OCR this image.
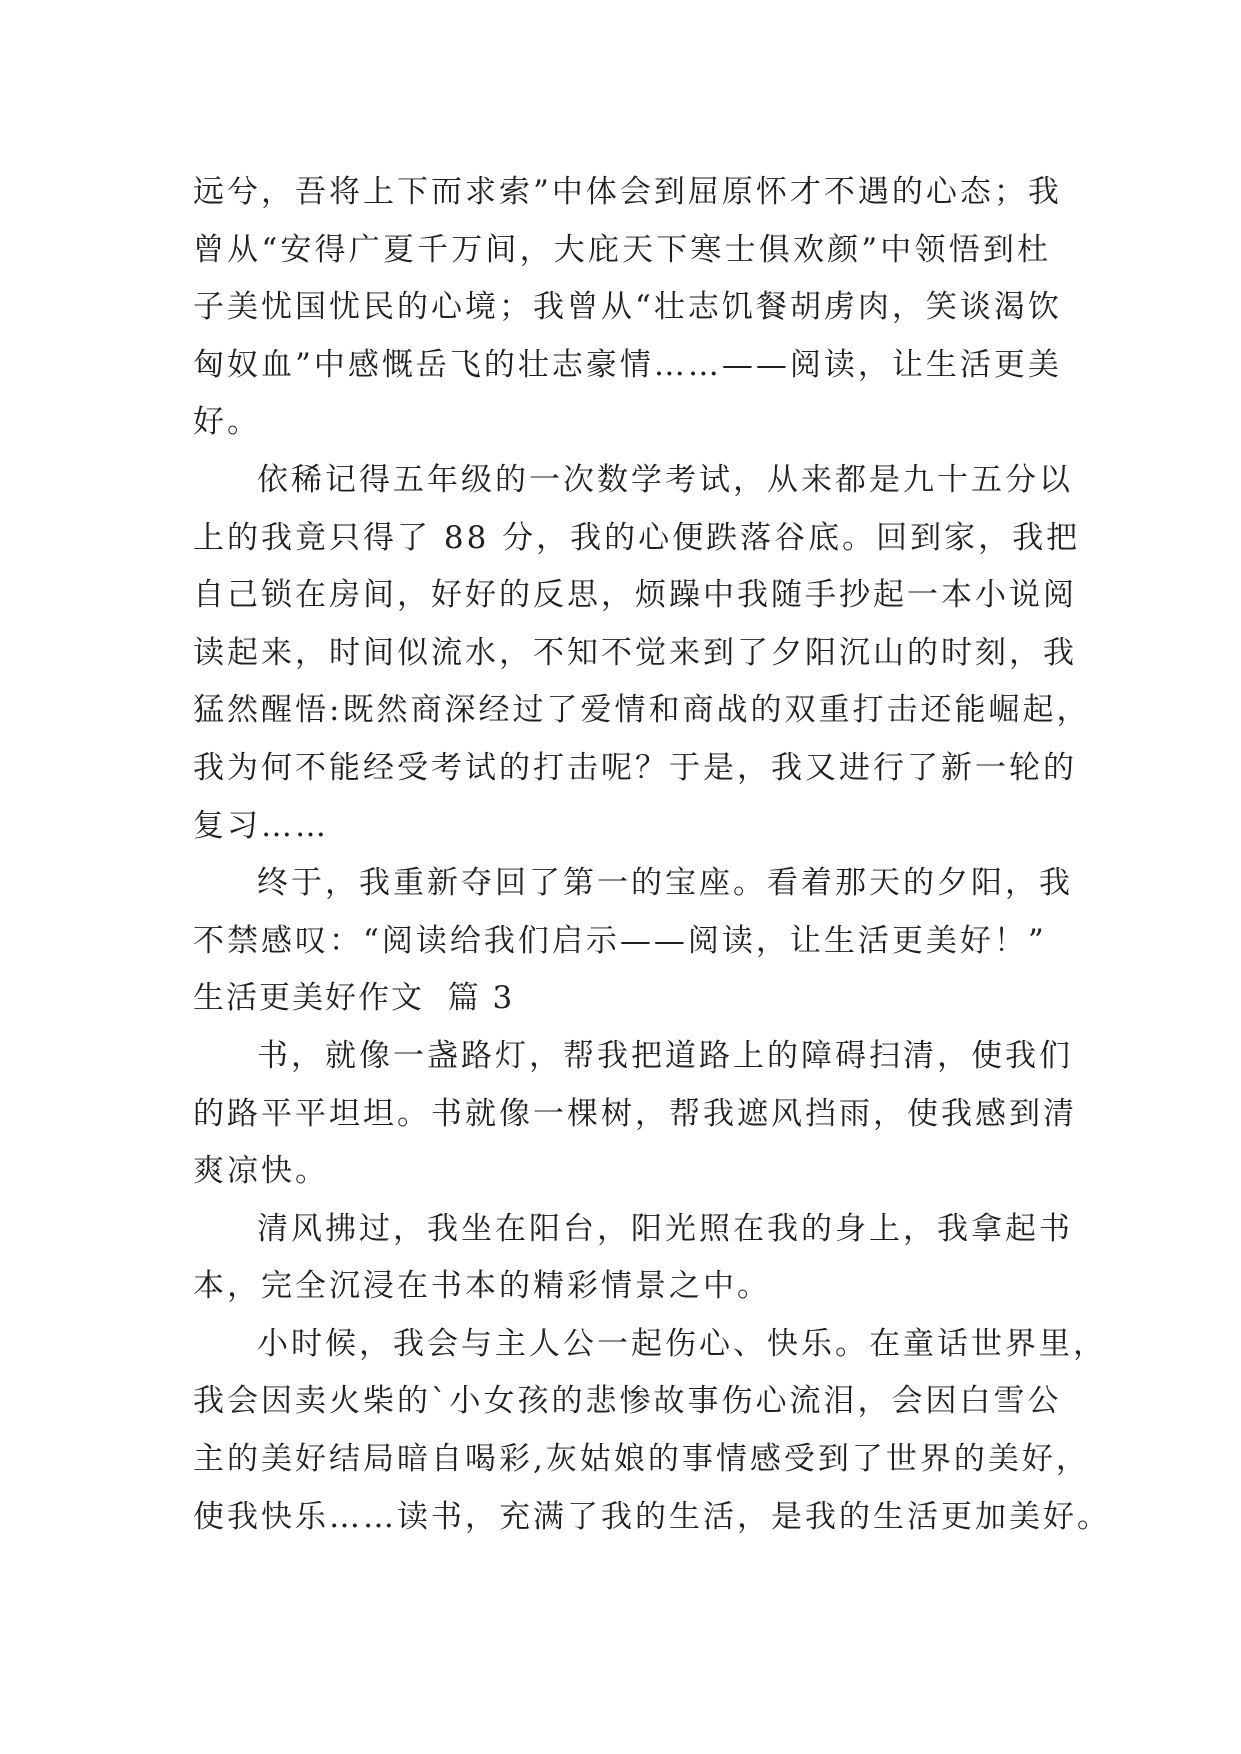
远兮，吾将上下而求索”中体会到屈原怀才不遇的心态；我
曾从“安得广夏千万间，大庇天下寒士俱欢颜”中领悟到杜
子美忧国忧民的心境；我曾从“壮志饥餐胡虏肉，笑谈渴饮
匈奴血”中感慨岳飞的壮志豪情……——阅读，让生活更美
好。
依稀记得五年级的一次数学考试，从来都是九十五分以
上的我竟只得了 88 分，我的心便跌落谷底。回到家，我把
自己锁在房间，好好的反思，烦躁中我随手抄起一本小说阅
读起来，时间似流水，不知不觉来到了夕阳沉山的时刻，我
猛然醒悟:既然商深经过了爱情和商战的双重打击还能崛起，
我为何不能经受考试的打击呢？于是，我又进行了新一轮的
复习……
终于，我重新夺回了第一的宝座。看着那天的夕阳，我
不禁感叹：“阅读给我们启示——阅读，让生活更美好！”
生活更美好作文  篇 3
书，就像一盏路灯，帮我把道路上的障碍扫清，使我们
的路平平坦坦。书就像一棵树，帮我遮风挡雨，使我感到清
爽凉快。
清风拂过，我坐在阳台，阳光照在我的身上，我拿起书
本，完全沉浸在书本的精彩情景之中。
小时候，我会与主人公一起伤心、快乐。在童话世界里，
我会因卖火柴的`小女孩的悲惨故事伤心流泪，会因白雪公
主的美好结局暗自喝彩,灰姑娘的事情感受到了世界的美好，
使我快乐……读书，充满了我的生活，是我的生活更加美好。
